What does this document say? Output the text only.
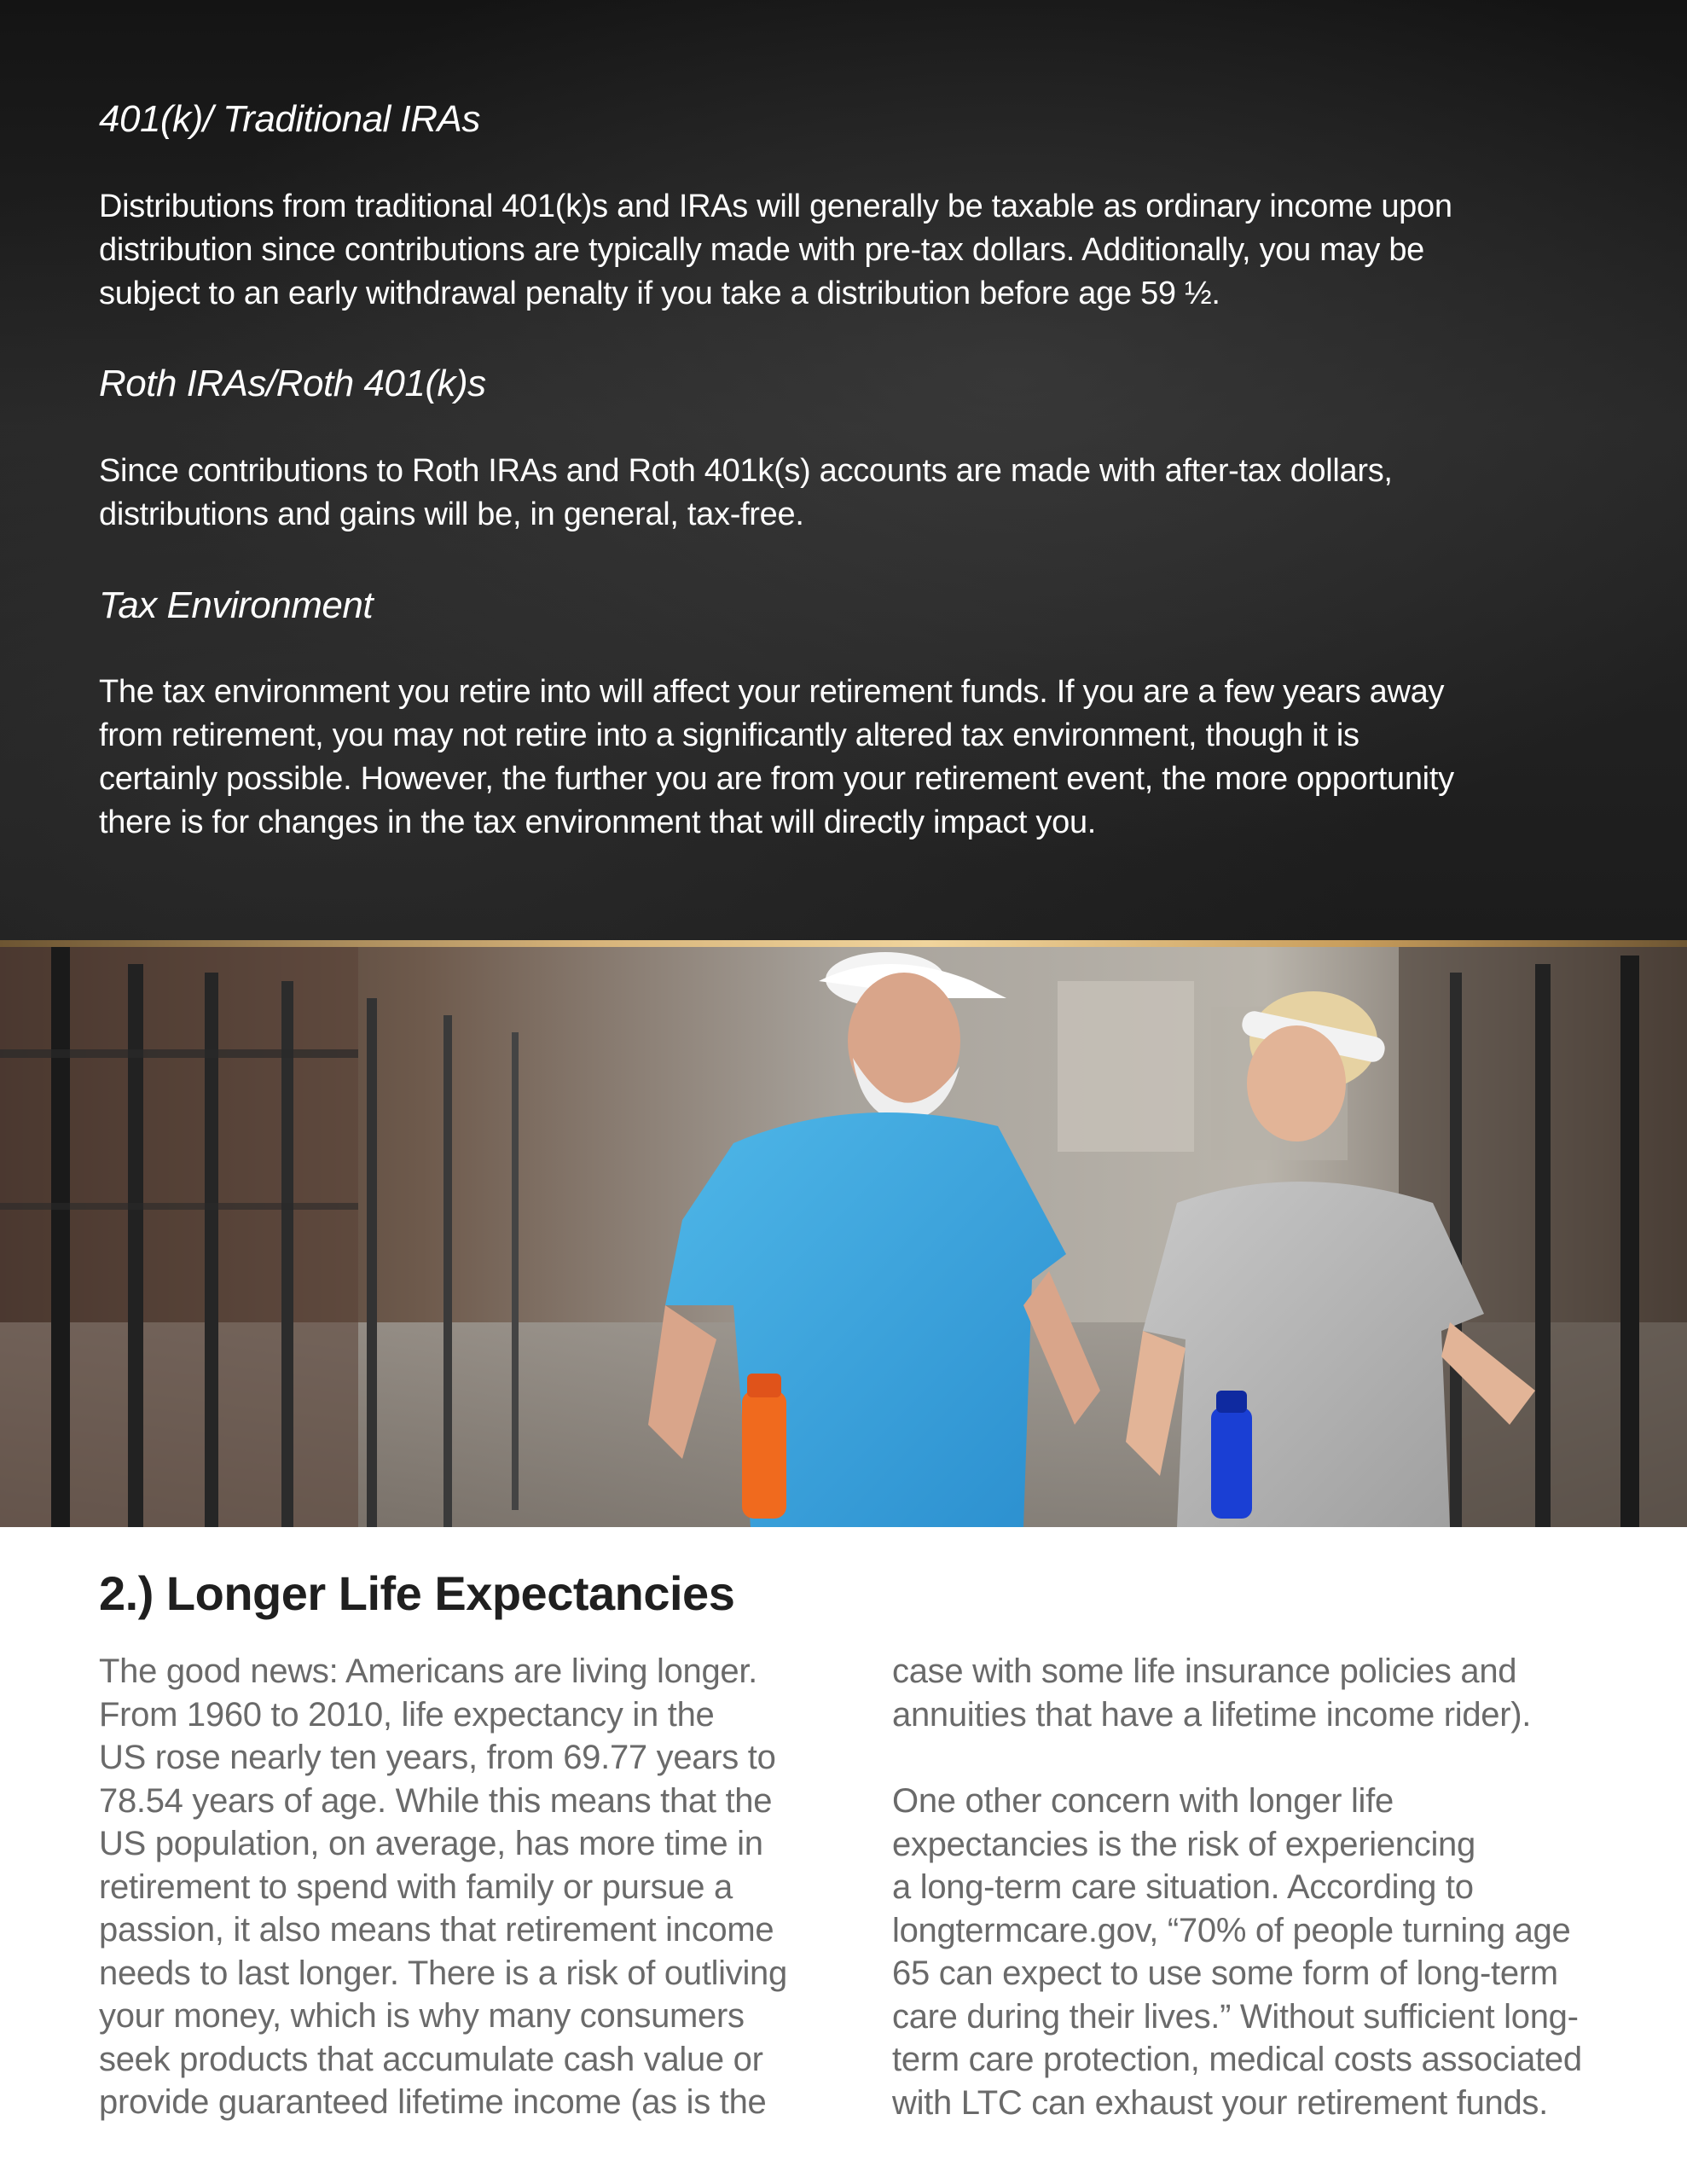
401(k)/ Traditional IRAs

Distributions from traditional 401(k)s and IRAs will generally be taxable as ordinary income upon
distribution since contributions are typically made with pre-tax dollars. Additionally, you may be
subject to an early withdrawal penalty if you take a distribution before age 59 ½.

Roth IRAs/Roth 401(k)s

Since contributions to Roth IRAs and Roth 401k(s) accounts are made with after-tax dollars,
distributions and gains will be, in general, tax-free.

Tax Environment

The tax environment you retire into will affect your retirement funds. If you are a few years away
from retirement, you may not retire into a significantly altered tax environment, though it is
certainly possible. However, the further you are from your retirement event, the more opportunity
there is for changes in the tax environment that will directly impact you.

2.) Longer Life Expectancies

The good news: Americans are living longer.
From 1960 to 2010, life expectancy in the
US rose nearly ten years, from 69.77 years to
78.54 years of age. While this means that the
US population, on average, has more time in
retirement to spend with family or pursue a
passion, it also means that retirement income
needs to last longer. There is a risk of outliving
your money, which is why many consumers
seek products that accumulate cash value or
provide guaranteed lifetime income (as is the

case with some life insurance policies and
annuities that have a lifetime income rider).

One other concern with longer life
expectancies is the risk of experiencing
a long-term care situation. According to
longtermcare.gov, “70% of people turning age
65 can expect to use some form of long-term
care during their lives.” Without sufficient long-
term care protection, medical costs associated
with LTC can exhaust your retirement funds.
